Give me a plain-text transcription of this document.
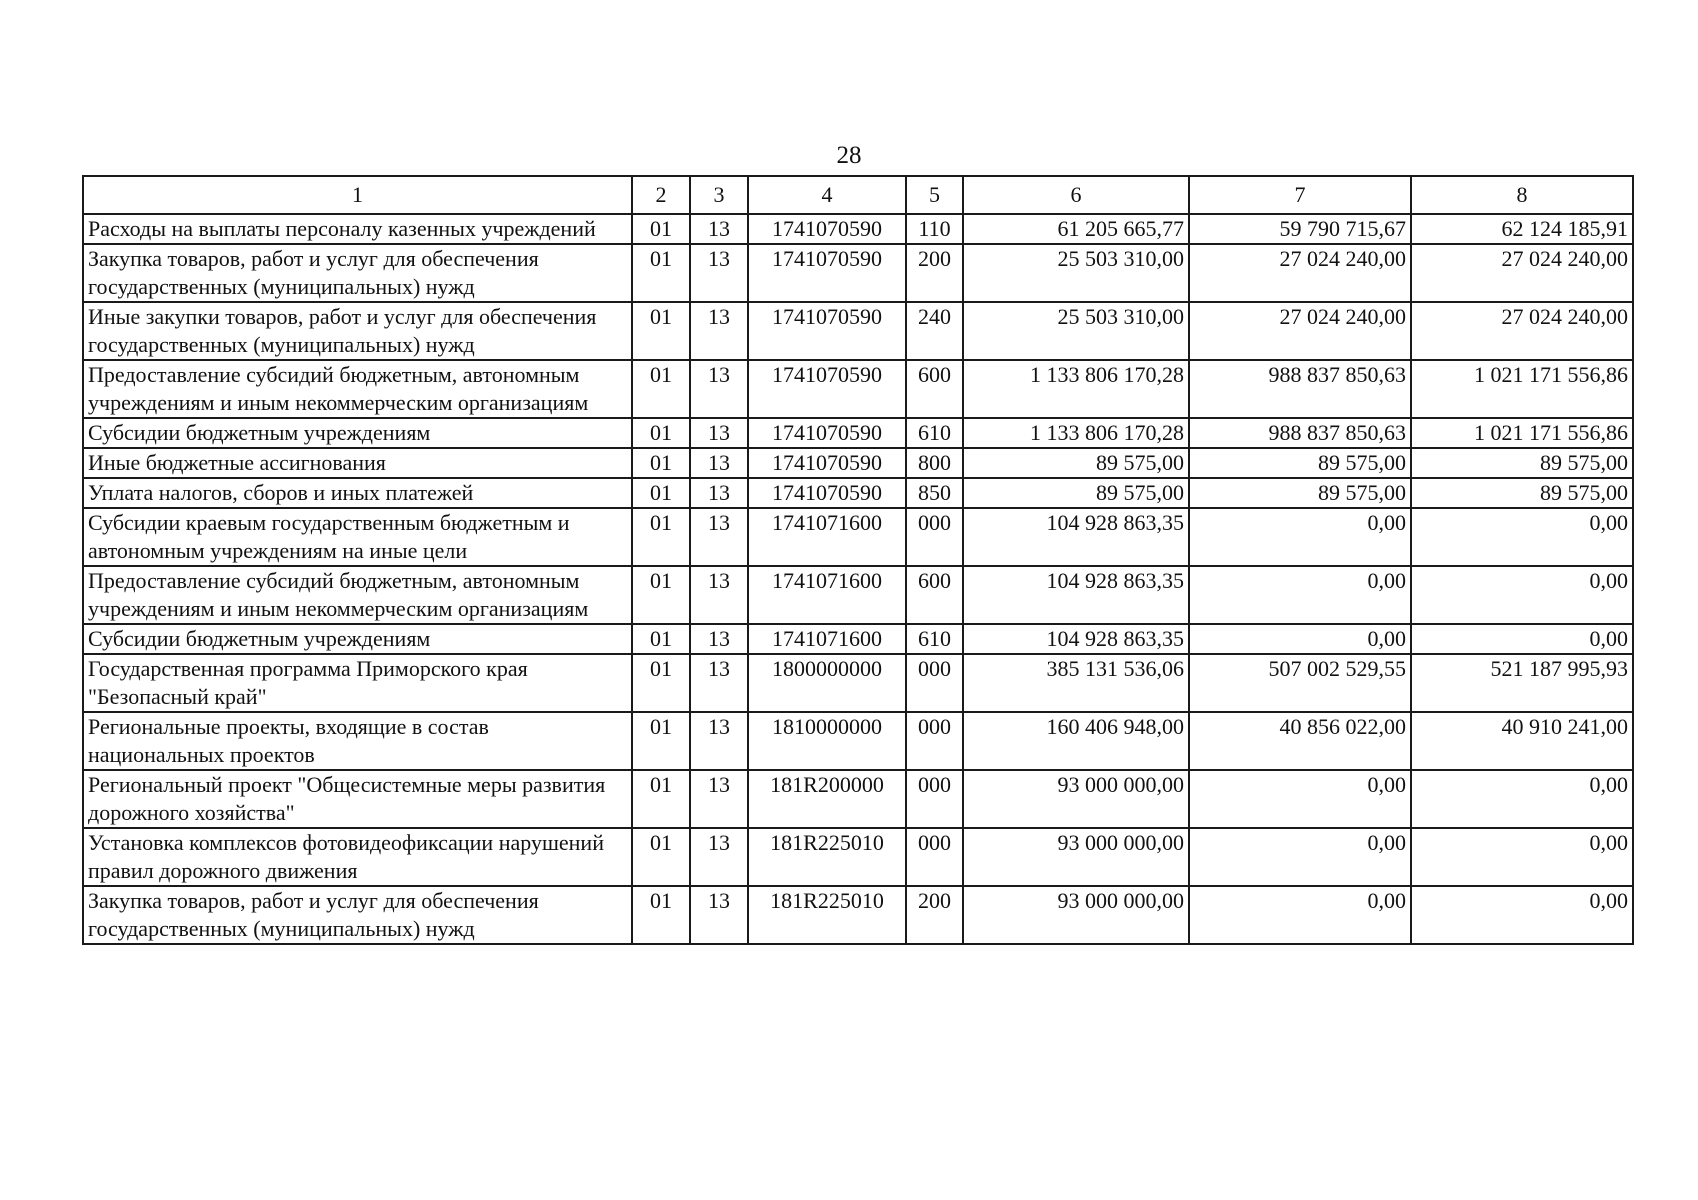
28
1	2	3	4	5	6	7	8
Расходы на выплаты персоналу казенных учреждений	01	13	1741070590	110	61 205 665,77	59 790 715,67	62 124 185,91
Закупка товаров, работ и услуг для обеспечения государственных (муниципальных) нужд	01	13	1741070590	200	25 503 310,00	27 024 240,00	27 024 240,00
Иные закупки товаров, работ и услуг для обеспечения государственных (муниципальных) нужд	01	13	1741070590	240	25 503 310,00	27 024 240,00	27 024 240,00
Предоставление субсидий бюджетным, автономным учреждениям и иным некоммерческим организациям	01	13	1741070590	600	1 133 806 170,28	988 837 850,63	1 021 171 556,86
Субсидии бюджетным учреждениям	01	13	1741070590	610	1 133 806 170,28	988 837 850,63	1 021 171 556,86
Иные бюджетные ассигнования	01	13	1741070590	800	89 575,00	89 575,00	89 575,00
Уплата налогов, сборов и иных платежей	01	13	1741070590	850	89 575,00	89 575,00	89 575,00
Субсидии краевым государственным бюджетным и автономным учреждениям на иные цели	01	13	1741071600	000	104 928 863,35	0,00	0,00
Предоставление субсидий бюджетным, автономным учреждениям и иным некоммерческим организациям	01	13	1741071600	600	104 928 863,35	0,00	0,00
Субсидии бюджетным учреждениям	01	13	1741071600	610	104 928 863,35	0,00	0,00
Государственная программа Приморского края "Безопасный край"	01	13	1800000000	000	385 131 536,06	507 002 529,55	521 187 995,93
Региональные проекты, входящие в состав национальных проектов	01	13	1810000000	000	160 406 948,00	40 856 022,00	40 910 241,00
Региональный проект "Общесистемные меры развития дорожного хозяйства"	01	13	181R200000	000	93 000 000,00	0,00	0,00
Установка комплексов фотовидеофиксации нарушений правил дорожного движения	01	13	181R225010	000	93 000 000,00	0,00	0,00
Закупка товаров, работ и услуг для обеспечения государственных (муниципальных) нужд	01	13	181R225010	200	93 000 000,00	0,00	0,00
